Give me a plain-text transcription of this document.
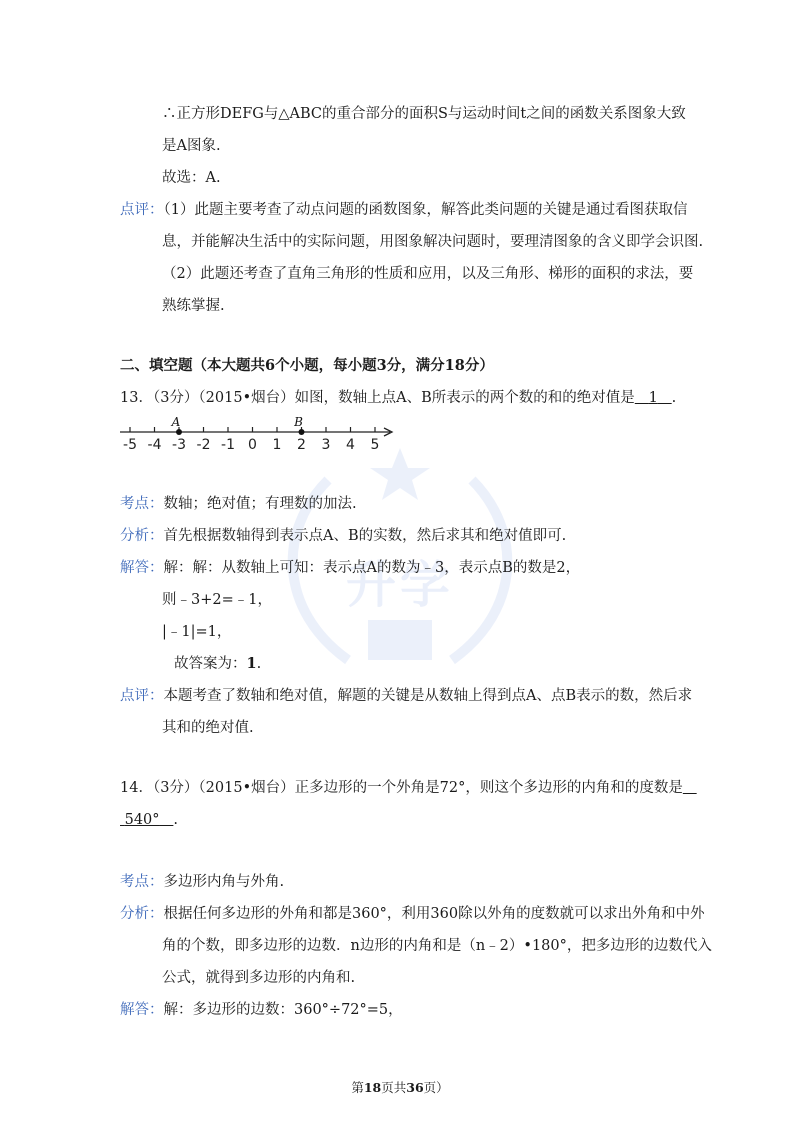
升学
∴正方形DEFG与△ABC的重合部分的面积S与运动时间t之间的函数关系图象大致
是A图象.
故选：A.
点评：（1）此题主要考查了动点问题的函数图象，解答此类问题的关键是通过看图获取信
息，并能解决生活中的实际问题，用图象解决问题时，要理清图象的含义即学会识图.
（2）此题还考查了直角三角形的性质和应用，以及三角形、梯形的面积的求法，要
熟练掌握.
二、填空题（本大题共6个小题，每小题3分，满分18分）
13．（3分）（2015•烟台）如图，数轴上点A、B所表示的两个数的和的绝对值是 1 .
-5 -4 -3 -2 -1 0 1 2 3 4 5
A	B
考点：数轴；绝对值；有理数的加法.
分析：首先根据数轴得到表示点A、B的实数，然后求其和绝对值即可.
解答：解：解：从数轴上可知：表示点A的数为﹣3，表示点B的数是2，
则﹣3+2=﹣1，
|﹣1|=1，
故答案为：1.
点评：本题考查了数轴和绝对值，解题的关键是从数轴上得到点A、点B表示的数，然后求
其和的绝对值.
14．（3分）（2015•烟台）正多边形的一个外角是72°，则这个多边形的内角和的度数是
540° .
考点：多边形内角与外角.
分析：根据任何多边形的外角和都是360°，利用360除以外角的度数就可以求出外角和中外
角的个数，即多边形的边数．n边形的内角和是（n﹣2）•180°，把多边形的边数代入
公式，就得到多边形的内角和.
解答：解：多边形的边数：360°÷72°=5，
第18页共36页）
